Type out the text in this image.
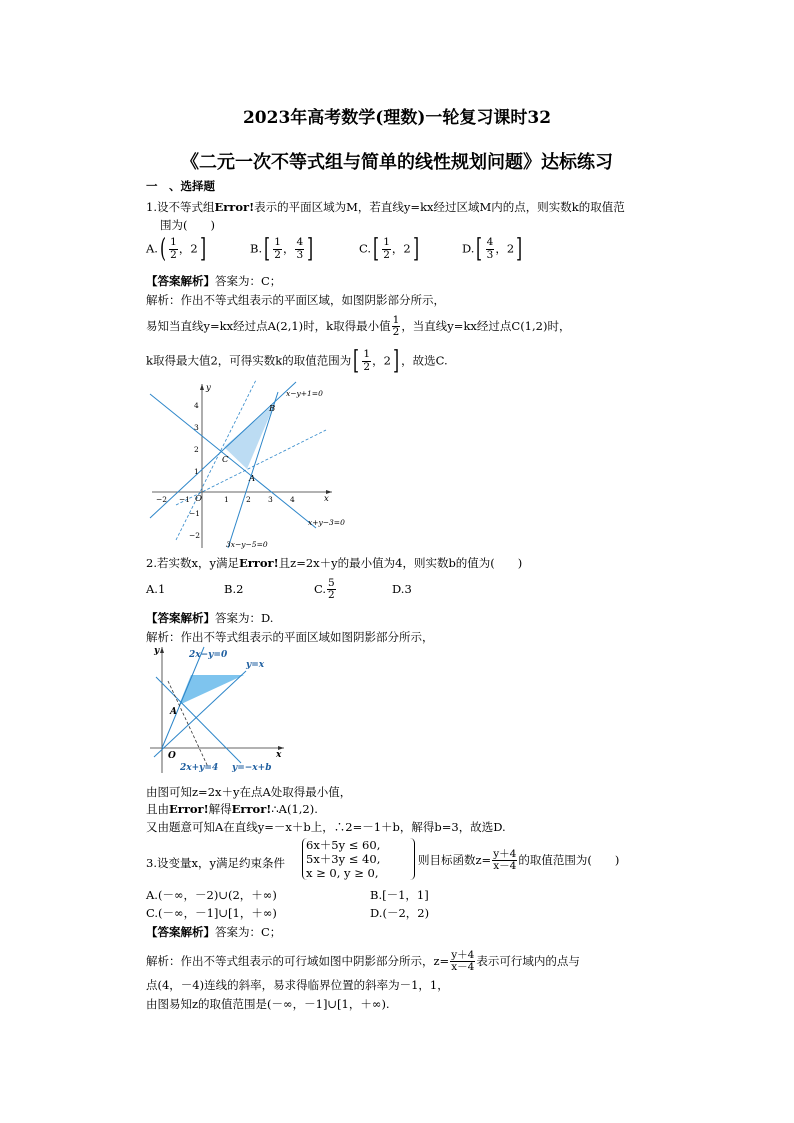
2023年高考数学(理数)一轮复习课时32
《二元一次不等式组与简单的线性规划问题》达标练习
一　、选择题
1.设不等式组Error!表示的平面区域为M，若直线y=kx经过区域M内的点，则实数k的取值范
围为(　　)
$A.( \frac{1}{2}$ ，2]	$B.[ \frac{1}{2}$ ， $\frac{4}{3}$ ]	$C.[ \frac{1}{2}$ ，2]	$D.[ \frac{4}{3}$ ，2]
【答案解析】答案为：C；
解析：作出不等式组表示的平面区域，如图阴影部分所示，
易知当直线y=kx经过点A(2,1)时，k取得最小值 $\frac{1}{2}$ ，当直线y=kx经过点C(1,2)时，
k取得最大值2，可得实数k的取值范围为[ $\frac{1}{2}$ ，2] ，故选C.
y
x
O
A
B
C
x−y+1=0
x+y−3=0
3x−y−5=0
−2 −1	1 2 3 4
4
3
2
1
−1
−2
2.若实数x，y满足Error!且z=2x＋y的最小值为4，则实数b的值为(　　)
A.1	B.2	C. $\frac{5}{2}$	D.3
【答案解析】答案为：D.
解析：作出不等式组表示的平面区域如图阴影部分所示，
2x−y=0
y=x
2x+y=4 y=−x+b
y
x
O
A
由图可知z=2x＋y在点A处取得最小值，
且由Error!解得Error!∴A(1,2).
又由题意可知A在直线y=－x＋b上，∴2=－1＋b，解得b=3，故选D.
3.设变量x，y满足约束条件
6x＋5y ≤ 60,
5x＋3y ≤ 40,
x ≥ 0, y ≥ 0,
则目标函数$z= \frac{y+4}{x-4}$ 的取值范围为(　　)
A.(－∞，－2)∪(2，＋∞)	B.[－1，1]
C.(－∞，－1]∪[1，＋∞)	D.(－2，2)
【答案解析】答案为：C；
解析：作出不等式组表示的可行域如图中阴影部分所示，$z= \frac{y+4}{x-4}$ 表示可行域内的点与
点(4，－4)连线的斜率，易求得临界位置的斜率为－1，1，
由图易知z的取值范围是(－∞，－1]∪[1，＋∞).
